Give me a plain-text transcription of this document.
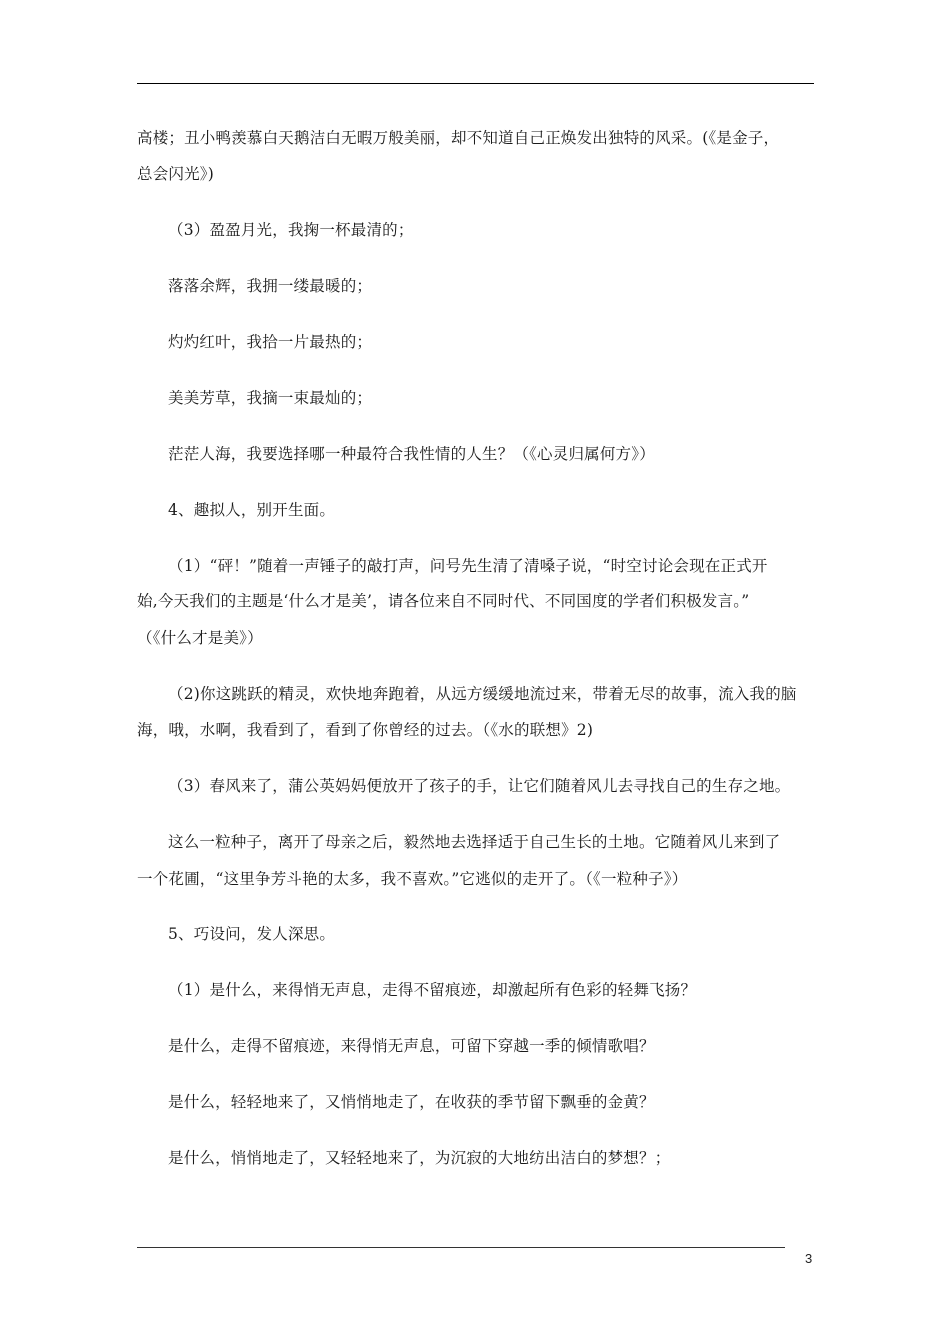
高楼；丑小鸭羡慕白天鹅洁白无暇万般美丽，却不知道自己正焕发出独特的风采。(《是金子，
总会闪光》)
（3）盈盈月光，我掬一杯最清的；
落落余辉，我拥一缕最暖的；
灼灼红叶，我拾一片最热的；
美美芳草，我摘一束最灿的；
茫茫人海，我要选择哪一种最符合我性情的人生？（《心灵归属何方》）
4、趣拟人，别开生面。
（1）“砰！”随着一声锤子的敲打声，问号先生清了清嗓子说，“时空讨论会现在正式开
始,今天我们的主题是‘什么才是美’，请各位来自不同时代、不同国度的学者们积极发言。”
（《什么才是美》）
（2)你这跳跃的精灵，欢快地奔跑着，从远方缓缓地流过来，带着无尽的故事，流入我的脑
海，哦，水啊，我看到了，看到了你曾经的过去。（《水的联想》2)
（3）春风来了，蒲公英妈妈便放开了孩子的手，让它们随着风儿去寻找自己的生存之地。
这么一粒种子，离开了母亲之后，毅然地去选择适于自己生长的土地。它随着风儿来到了
一个花圃，“这里争芳斗艳的太多，我不喜欢。”它逃似的走开了。（《一粒种子》）
5、巧设问，发人深思。
（1）是什么，来得悄无声息，走得不留痕迹，却激起所有色彩的轻舞飞扬？
是什么，走得不留痕迹，来得悄无声息，可留下穿越一季的倾情歌唱？
是什么，轻轻地来了，又悄悄地走了，在收获的季节留下飘垂的金黄？
是什么，悄悄地走了，又轻轻地来了，为沉寂的大地纺出洁白的梦想？；
3
